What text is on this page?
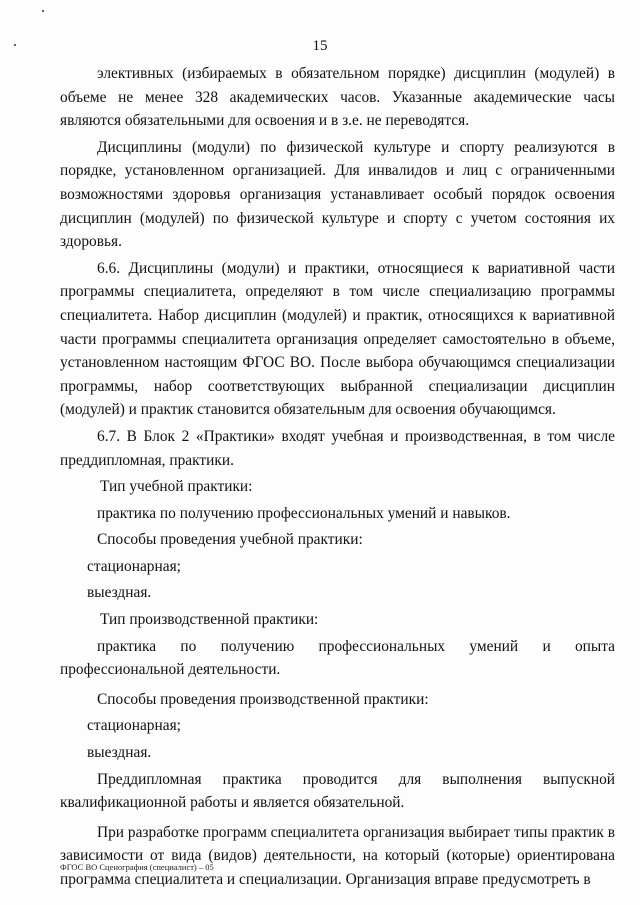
15

элективных (избираемых в обязательном порядке) дисциплин (модулей) в объеме не менее 328 академических часов. Указанные академические часы являются обязательными для освоения и в з.е. не переводятся.

Дисциплины (модули) по физической культуре и спорту реализуются в порядке, установленном организацией. Для инвалидов и лиц с ограниченными возможностями здоровья организация устанавливает особый порядок освоения дисциплин (модулей) по физической культуре и спорту с учетом состояния их здоровья.

6.6. Дисциплины (модули) и практики, относящиеся к вариативной части программы специалитета, определяют в том числе специализацию программы специалитета. Набор дисциплин (модулей) и практик, относящихся к вариативной части программы специалитета организация определяет самостоятельно в объеме, установленном настоящим ФГОС ВО. После выбора обучающимся специализации программы, набор соответствующих выбранной специализации дисциплин (модулей) и практик становится обязательным для освоения обучающимся.

6.7. В Блок 2 «Практики» входят учебная и производственная, в том числе преддипломная, практики.

Тип учебной практики:

практика по получению профессиональных умений и навыков.

Способы проведения учебной практики:

стационарная;

выездная.

Тип производственной практики:

практика по получению профессиональных умений и опыта профессиональной деятельности.

Способы проведения производственной практики:

стационарная;

выездная.

Преддипломная практика проводится для выполнения выпускной квалификационной работы и является обязательной.

При разработке программ специалитета организация выбирает типы практик в зависимости от вида (видов) деятельности, на который (которые) ориентирована программа специалитета и специализации. Организация вправе предусмотреть в

ФГОС ВО Сценография (специалист) – 05
